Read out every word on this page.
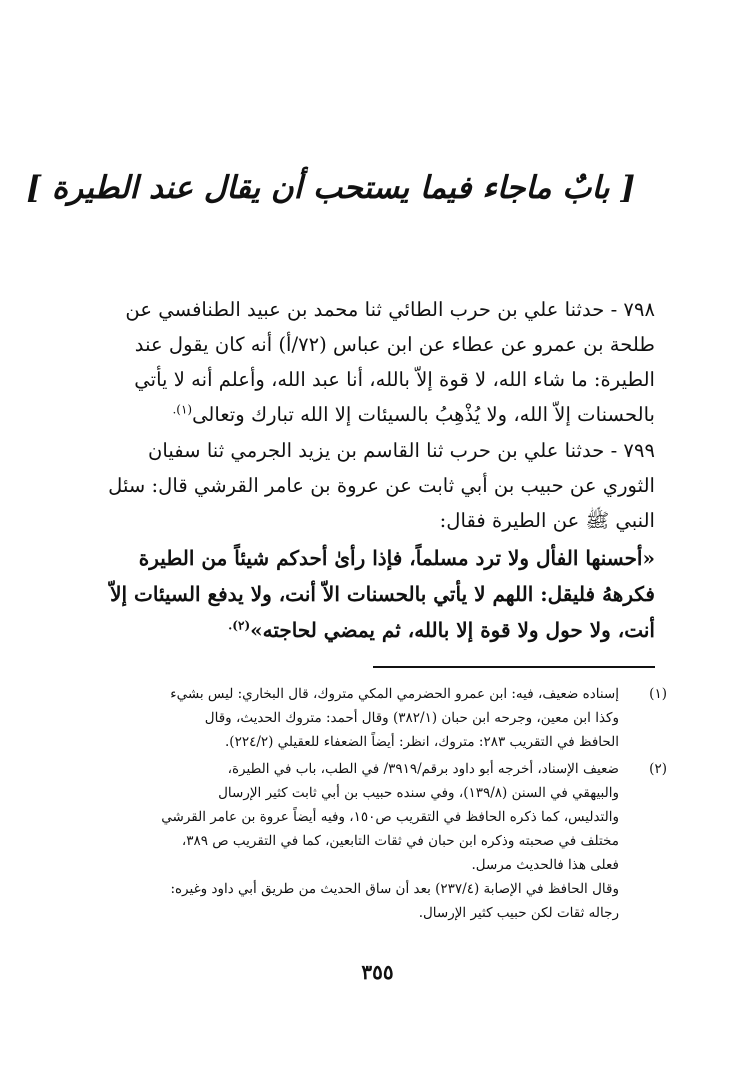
[ بابٌ ماجاء فيما يستحب أن يقال عند الطيرة ]

٧٩٨ - حدثنا علي بن حرب الطائي ثنا محمد بن عبيد الطنافسي عن

طلحة بن عمرو عن عطاء عن ابن عباس (٧٢/أ) أنه كان يقول عند

الطيرة: ما شاء الله، لا قوة إلاّ بالله، أنا عبد الله، وأعلم أنه لا يأتي

بالحسنات إلاّ الله، ولا يُذْهِبُ بالسيئات إلا الله تبارك وتعالى$^{(١).}$

٧٩٩ - حدثنا علي بن حرب ثنا القاسم بن يزيد الجرمي ثنا سفيان

الثوري عن حبيب بن أبي ثابت عن عروة بن عامر القرشي قال: سئل

النبي ﷺ عن الطيرة فقال:

«أحسنها الفأل ولا ترد مسلماً، فإذا رأىٰ أحدكم شيئاً من الطيرة

فكرههُ فليقل: اللهم لا يأتي بالحسنات الاّ أنت، ولا يدفع السيئات إلاّ

أنت، ولا حول ولا قوة إلا بالله، ثم يمضي لحاجته»$^{(٢).}$

(١)

إسناده ضعيف، فيه: ابن عمرو الحضرمي المكي متروك، قال البخاري: ليس بشيء

وكذا ابن معين، وجرحه ابن حبان (٣٨٢/١) وقال أحمد: متروك الحديث، وقال

الحافظ في التقريب ٢٨٣: متروك، انظر: أيضاً الضعفاء للعقيلي (٢٢٤/٢).

(٢)

ضعيف الإسناد، أخرجه أبو داود برقم/٣٩١٩/ في الطب، باب في الطيرة،

والبيهقي في السنن (١٣٩/٨)، وفي سنده حبيب بن أبي ثابت كثير الإرسال

والتدليس، كما ذكره الحافظ في التقريب ص١٥٠، وفيه أيضاً عروة بن عامر القرشي

مختلف في صحبته وذكره ابن حبان في ثقات التابعين، كما في التقريب ص ٣٨٩،

فعلى هذا فالحديث مرسل.

وقال الحافظ في الإصابة (٢٣٧/٤) بعد أن ساق الحديث من طريق أبي داود وغيره:

رجاله ثقات لكن حبيب كثير الإرسال.

٣٥٥
